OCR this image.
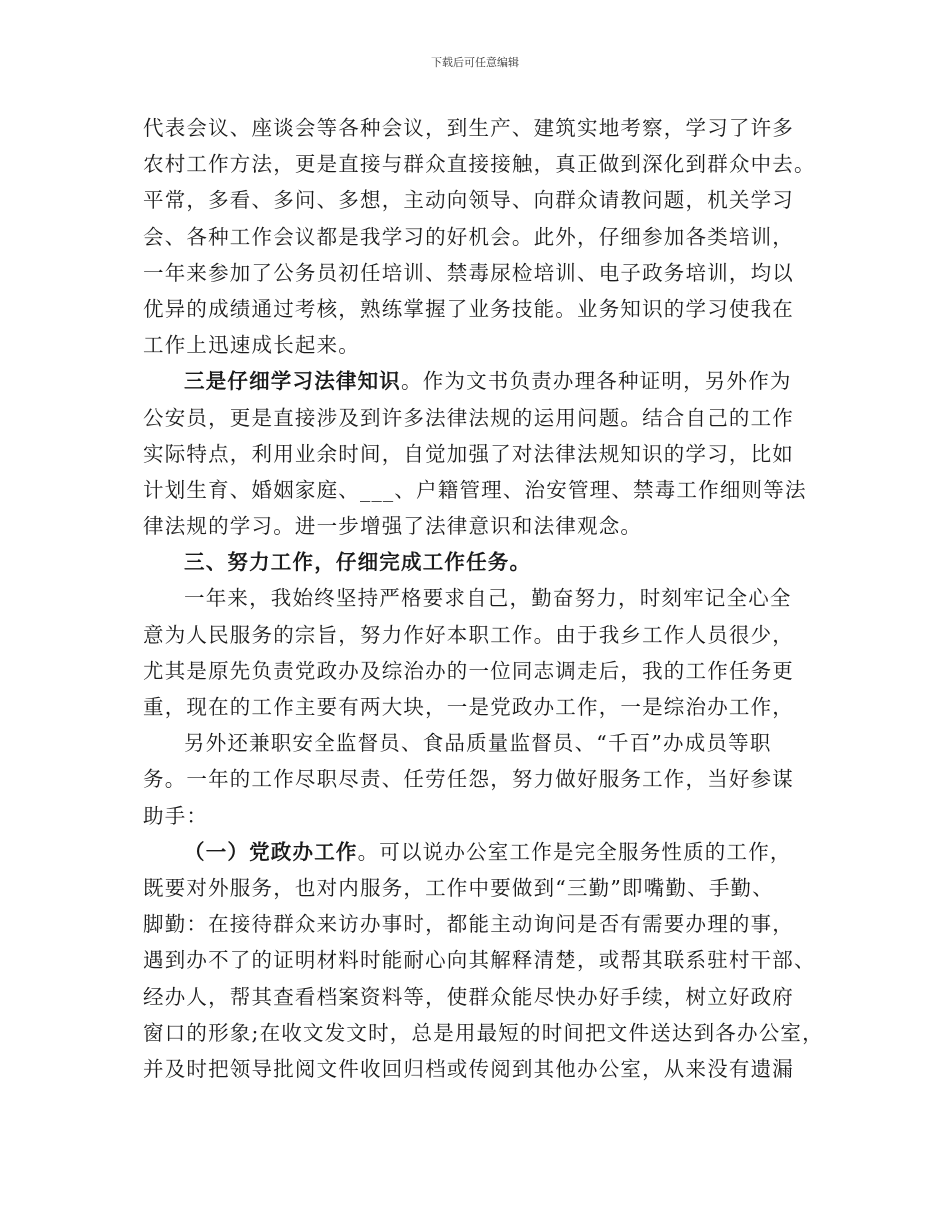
下载后可任意编辑
代表会议、座谈会等各种会议，到生产、建筑实地考察，学习了许多
农村工作方法，更是直接与群众直接接触，真正做到深化到群众中去。
平常，多看、多问、多想，主动向领导、向群众请教问题，机关学习
会、各种工作会议都是我学习的好机会。此外，仔细参加各类培训，
一年来参加了公务员初任培训、禁毒尿检培训、电子政务培训，均以
优异的成绩通过考核，熟练掌握了业务技能。业务知识的学习使我在
工作上迅速成长起来。
三是仔细学习法律知识。作为文书负责办理各种证明，另外作为
公安员，更是直接涉及到许多法律法规的运用问题。结合自己的工作
实际特点，利用业余时间，自觉加强了对法律法规知识的学习，比如
计划生育、婚姻家庭、___、户籍管理、治安管理、禁毒工作细则等法
律法规的学习。进一步增强了法律意识和法律观念。
三、努力工作，仔细完成工作任务。
一年来，我始终坚持严格要求自己，勤奋努力，时刻牢记全心全
意为人民服务的宗旨，努力作好本职工作。由于我乡工作人员很少，
尤其是原先负责党政办及综治办的一位同志调走后，我的工作任务更
重，现在的工作主要有两大块，一是党政办工作，一是综治办工作，
另外还兼职安全监督员、食品质量监督员、“千百”办成员等职
务。一年的工作尽职尽责、任劳任怨，努力做好服务工作，当好参谋
助手：
（一）党政办工作。可以说办公室工作是完全服务性质的工作，
既要对外服务，也对内服务，工作中要做到“三勤”即嘴勤、手勤、
脚勤：在接待群众来访办事时，都能主动询问是否有需要办理的事，
遇到办不了的证明材料时能耐心向其解释清楚，或帮其联系驻村干部、
经办人，帮其查看档案资料等，使群众能尽快办好手续，树立好政府
窗口的形象;在收文发文时，总是用最短的时间把文件送达到各办公室，
并及时把领导批阅文件收回归档或传阅到其他办公室，从来没有遗漏
